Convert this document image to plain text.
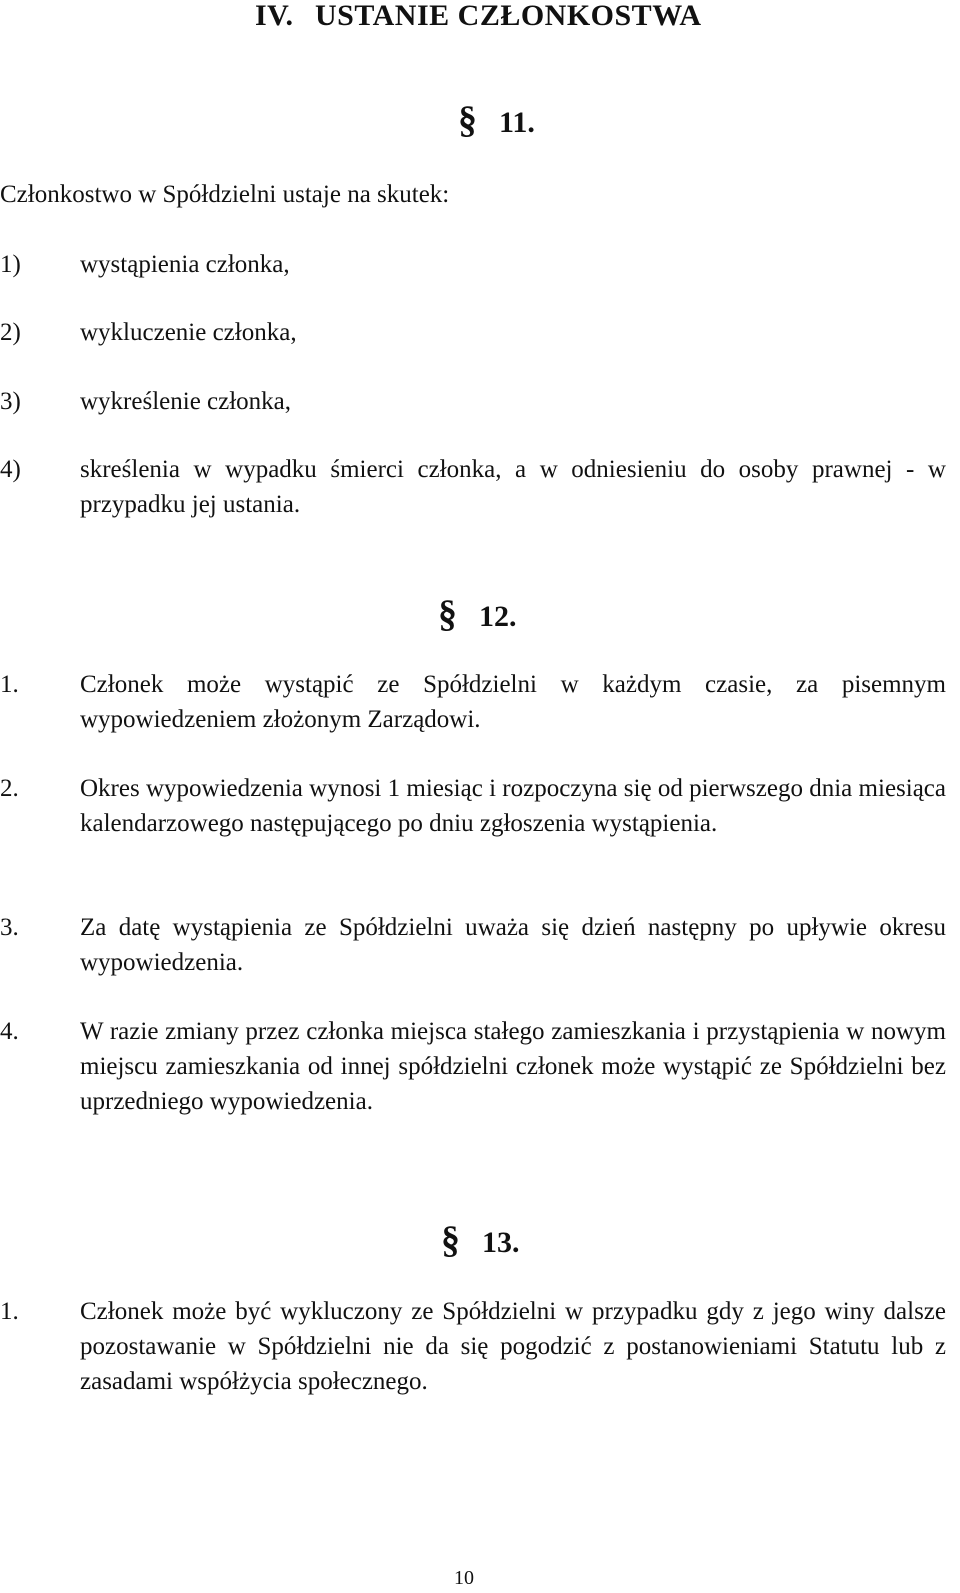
IV. USTANIE CZŁONKOSTWA
§ 11.
Członkostwo w Spółdzielni ustaje na skutek:
1) wystąpienia członka,
2) wykluczenie członka,
3) wykreślenie członka,
4) skreślenia w wypadku śmierci członka, a w odniesieniu do osoby prawnej - w przypadku jej ustania.
§ 12.
1. Członek może wystąpić ze Spółdzielni w każdym czasie, za pisemnym wypowiedzeniem złożonym Zarządowi.
2. Okres wypowiedzenia wynosi 1 miesiąc i rozpoczyna się od pierwszego dnia miesiąca kalendarzowego następującego po dniu zgłoszenia wystąpienia.
3. Za datę wystąpienia ze Spółdzielni uważa się dzień następny po upływie okresu wypowiedzenia.
4. W razie zmiany przez członka miejsca stałego zamieszkania i przystąpienia w nowym miejscu zamieszkania od innej spółdzielni członek może wystąpić ze Spółdzielni bez uprzedniego wypowiedzenia.
§ 13.
1. Członek może być wykluczony ze Spółdzielni w przypadku gdy z jego winy dalsze pozostawanie w Spółdzielni nie da się pogodzić z postanowieniami Statutu lub z zasadami współżycia społecznego.
10
